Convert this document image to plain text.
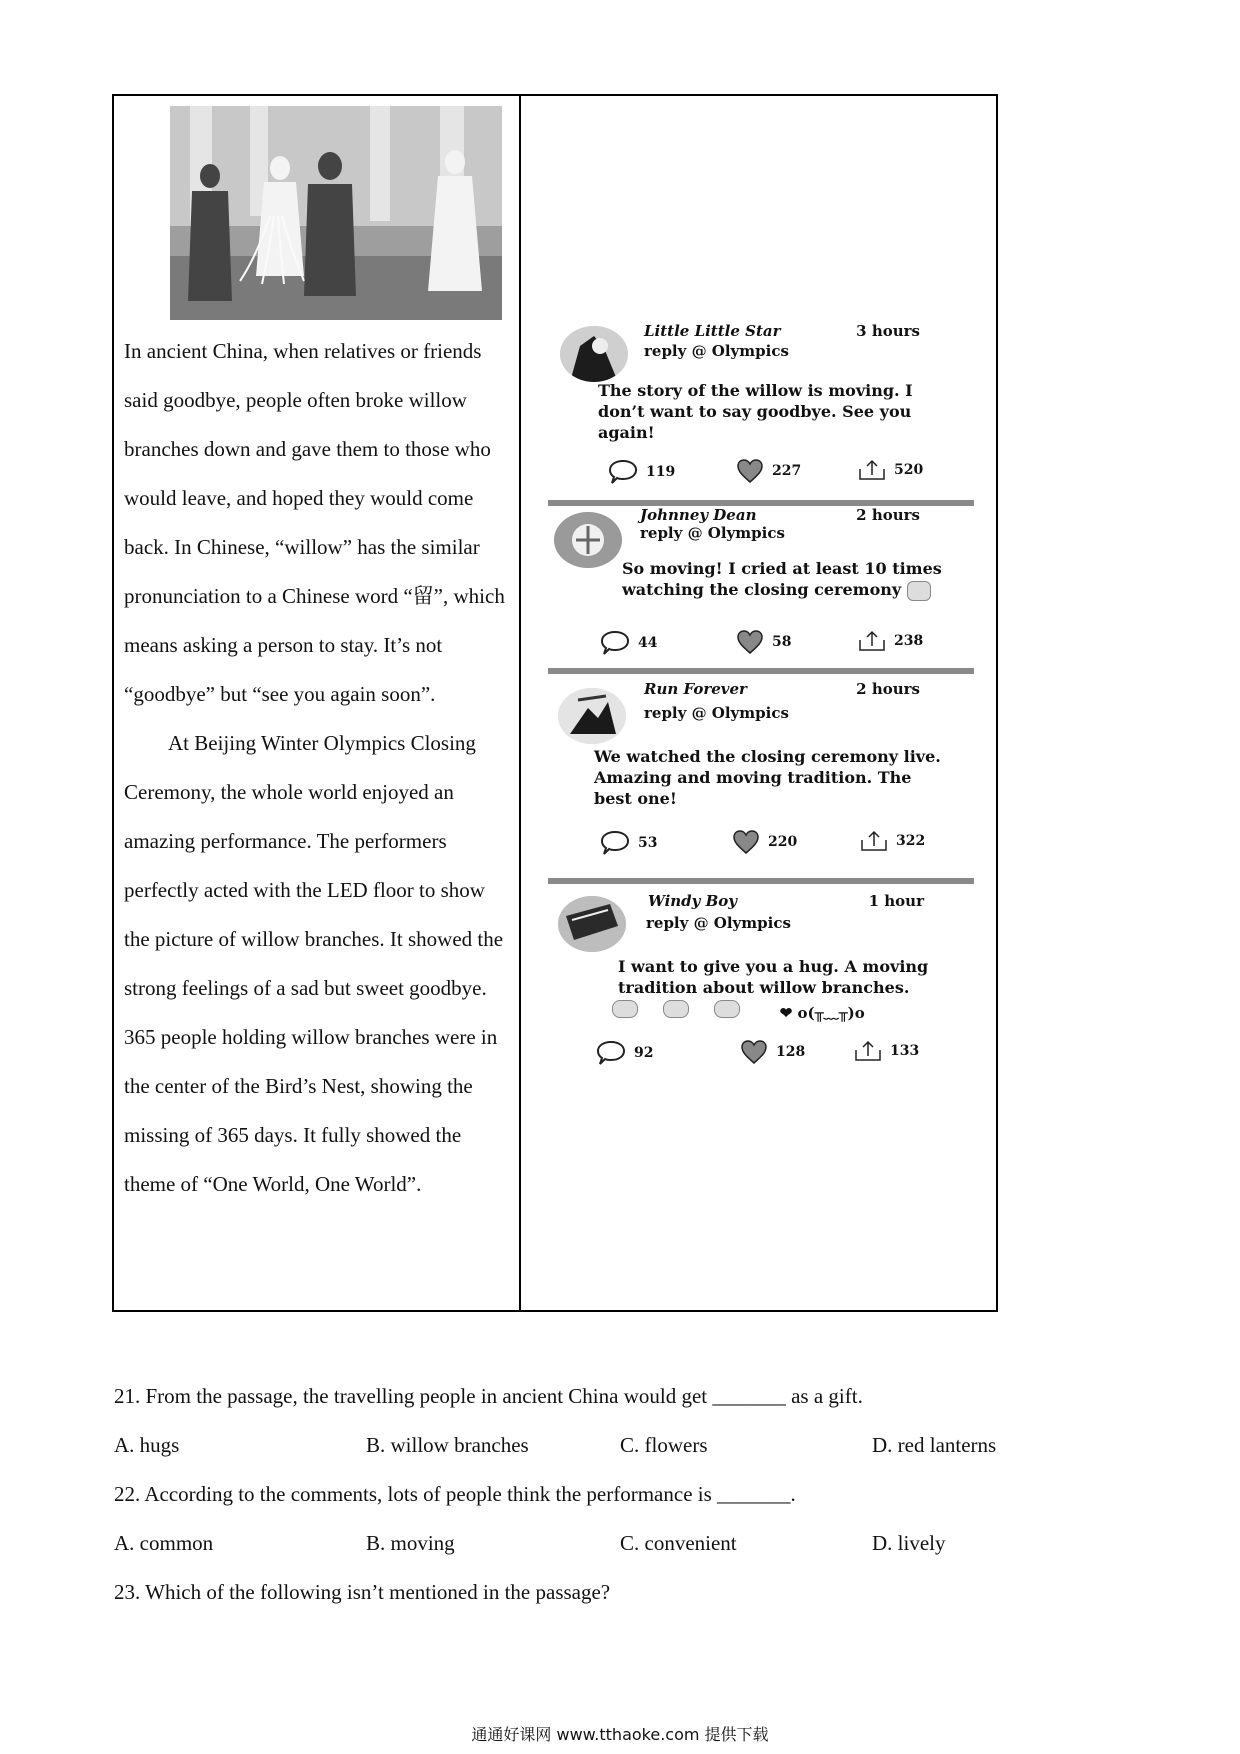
In ancient China, when relatives or friends said goodbye, people often broke willow branches down and gave them to those who would leave, and hoped they would come back. In Chinese, “willow” has the similar pronunciation to a Chinese word “留”, which means asking a person to stay. It’s not “goodbye” but “see you again soon”.

At Beijing Winter Olympics Closing Ceremony, the whole world enjoyed an amazing performance. The performers perfectly acted with the LED floor to show the picture of willow branches. It showed the strong feelings of a sad but sweet goodbye. 365 people holding willow branches were in the center of the Bird’s Nest, showing the missing of 365 days. It fully showed the theme of “One World, One World”.

Little Little Star
reply @ Olympics
3 hours
The story of the willow is moving. I don’t want to say goodbye. See you again!
119	227	520
Johnney Dean
reply @ Olympics
2 hours
So moving! I cried at least 10 times watching the closing ceremony
44	58	238
Run Forever
reply @ Olympics
2 hours
We watched the closing ceremony live. Amazing and moving tradition. The best one!
53	220	322
Windy Boy
reply @ Olympics
1 hour
I want to give you a hug. A moving tradition about willow branches.
❤ o(╥﹏╥)o
92	128	133

21. From the passage, the travelling people in ancient China would get _______ as a gift.

A. hugs	B. willow branches	C. flowers	D. red lanterns

22. According to the comments, lots of people think the performance is _______.

A. common	B. moving	C. convenient	D. lively

23. Which of the following isn’t mentioned in the passage?

通通好课网 www.tthaoke.com 提供下载
